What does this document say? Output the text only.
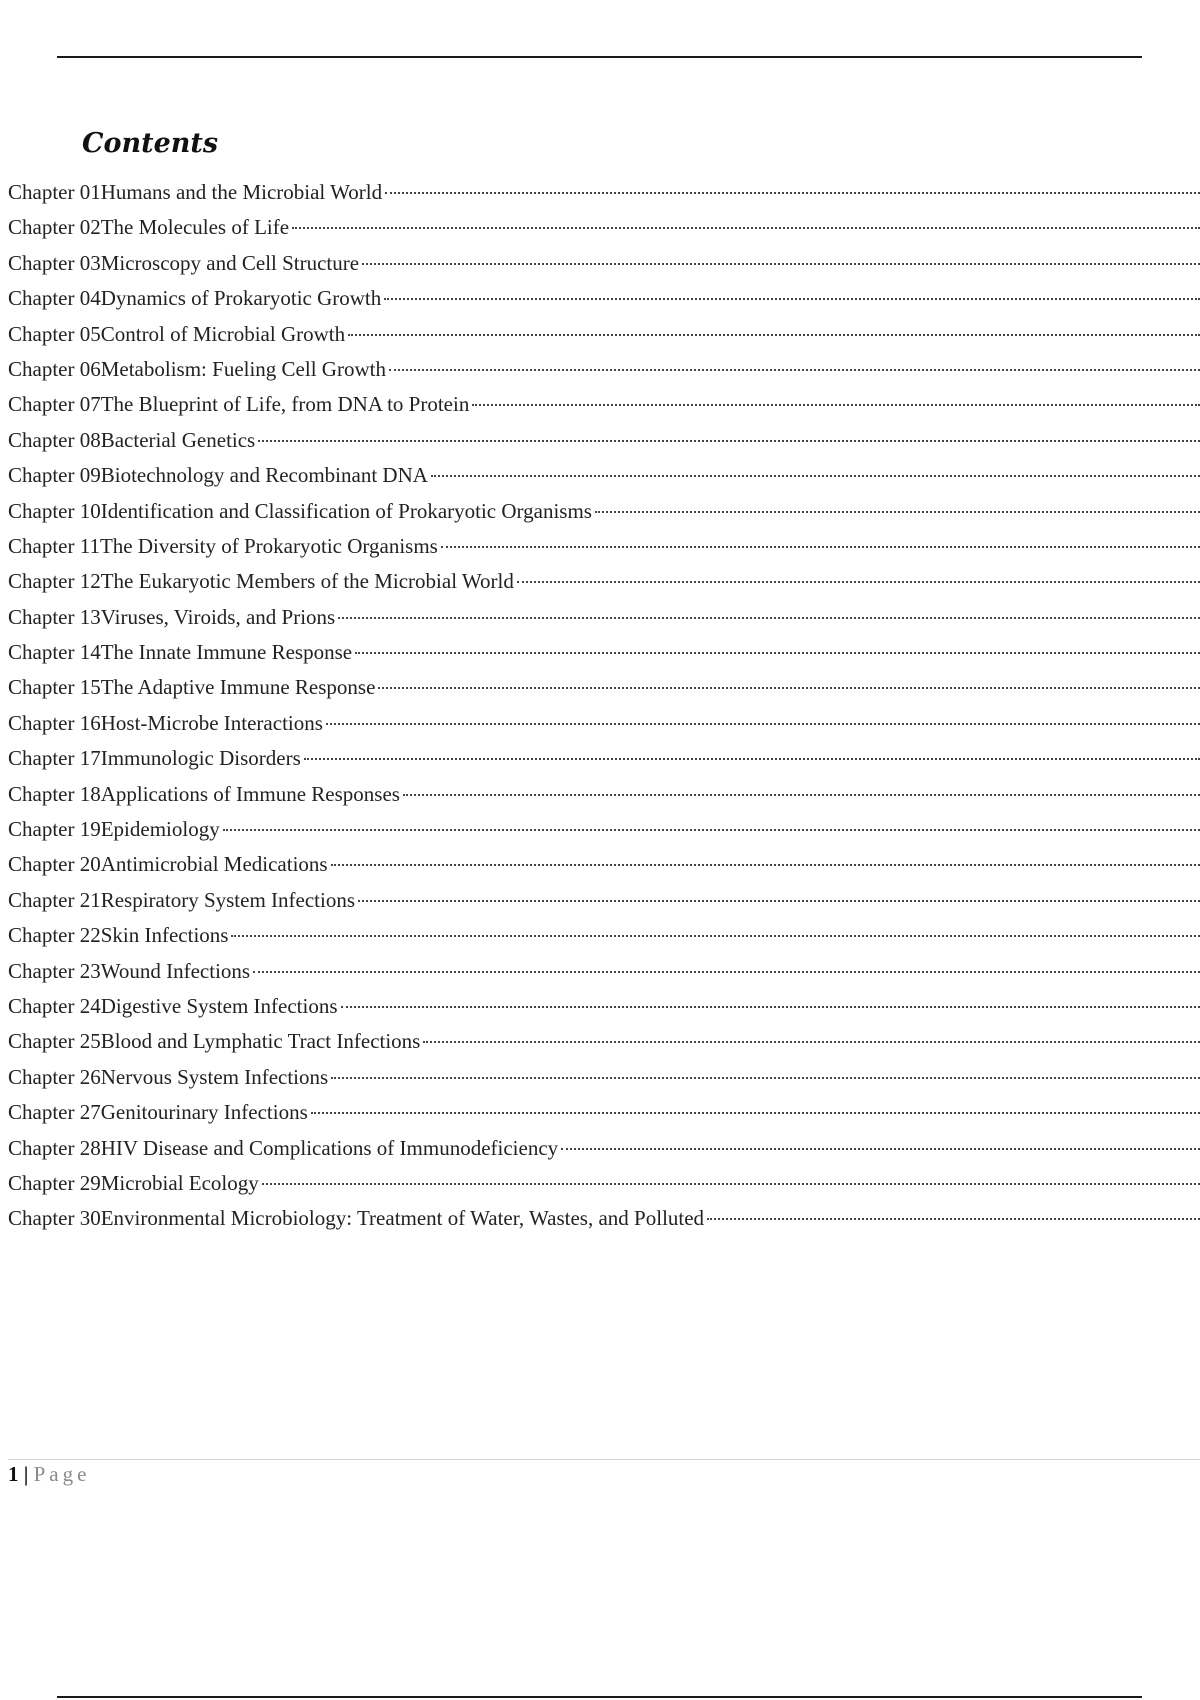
Contents
Chapter 01Humans and the Microbial World
Chapter 02The Molecules of Life
Chapter 03Microscopy and Cell Structure
Chapter 04Dynamics of Prokaryotic Growth
Chapter 05Control of Microbial Growth
Chapter 06Metabolism: Fueling Cell Growth
Chapter 07The Blueprint of Life, from DNA to Protein
Chapter 08Bacterial Genetics
Chapter 09Biotechnology and Recombinant DNA
Chapter 10Identification and Classification of Prokaryotic Organisms
Chapter 11The Diversity of Prokaryotic Organisms
Chapter 12The Eukaryotic Members of the Microbial World
Chapter 13Viruses, Viroids, and Prions
Chapter 14The Innate Immune Response
Chapter 15The Adaptive Immune Response
Chapter 16Host-Microbe Interactions
Chapter 17Immunologic Disorders
Chapter 18Applications of Immune Responses
Chapter 19Epidemiology
Chapter 20Antimicrobial Medications
Chapter 21Respiratory System Infections
Chapter 22Skin Infections
Chapter 23Wound Infections
Chapter 24Digestive System Infections
Chapter 25Blood and Lymphatic Tract Infections
Chapter 26Nervous System Infections
Chapter 27Genitourinary Infections
Chapter 28HIV Disease and Complications of Immunodeficiency
Chapter 29Microbial Ecology
Chapter 30Environmental Microbiology: Treatment of Water, Wastes, and Polluted
1 | Page
